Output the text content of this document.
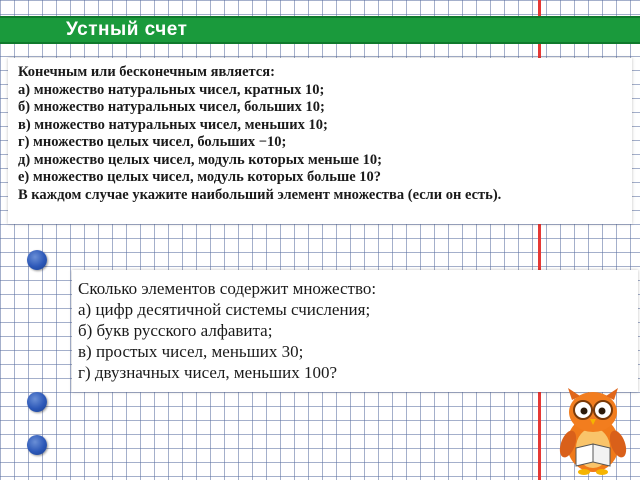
Устный счет
Конечным или бесконечным является:
а) множество натуральных чисел, кратных 10;
б) множество натуральных чисел, больших 10;
в) множество натуральных чисел, меньших 10;
г) множество целых чисел, больших −10;
д) множество целых чисел, модуль которых меньше 10;
е) множество целых чисел, модуль которых больше 10?
В каждом случае укажите наибольший элемент множества (если он есть).
Сколько элементов содержит множество:
а) цифр десятичной системы счисления;
б) букв русского алфавита;
в) простых чисел, меньших 30;
г) двузначных чисел, меньших 100?
